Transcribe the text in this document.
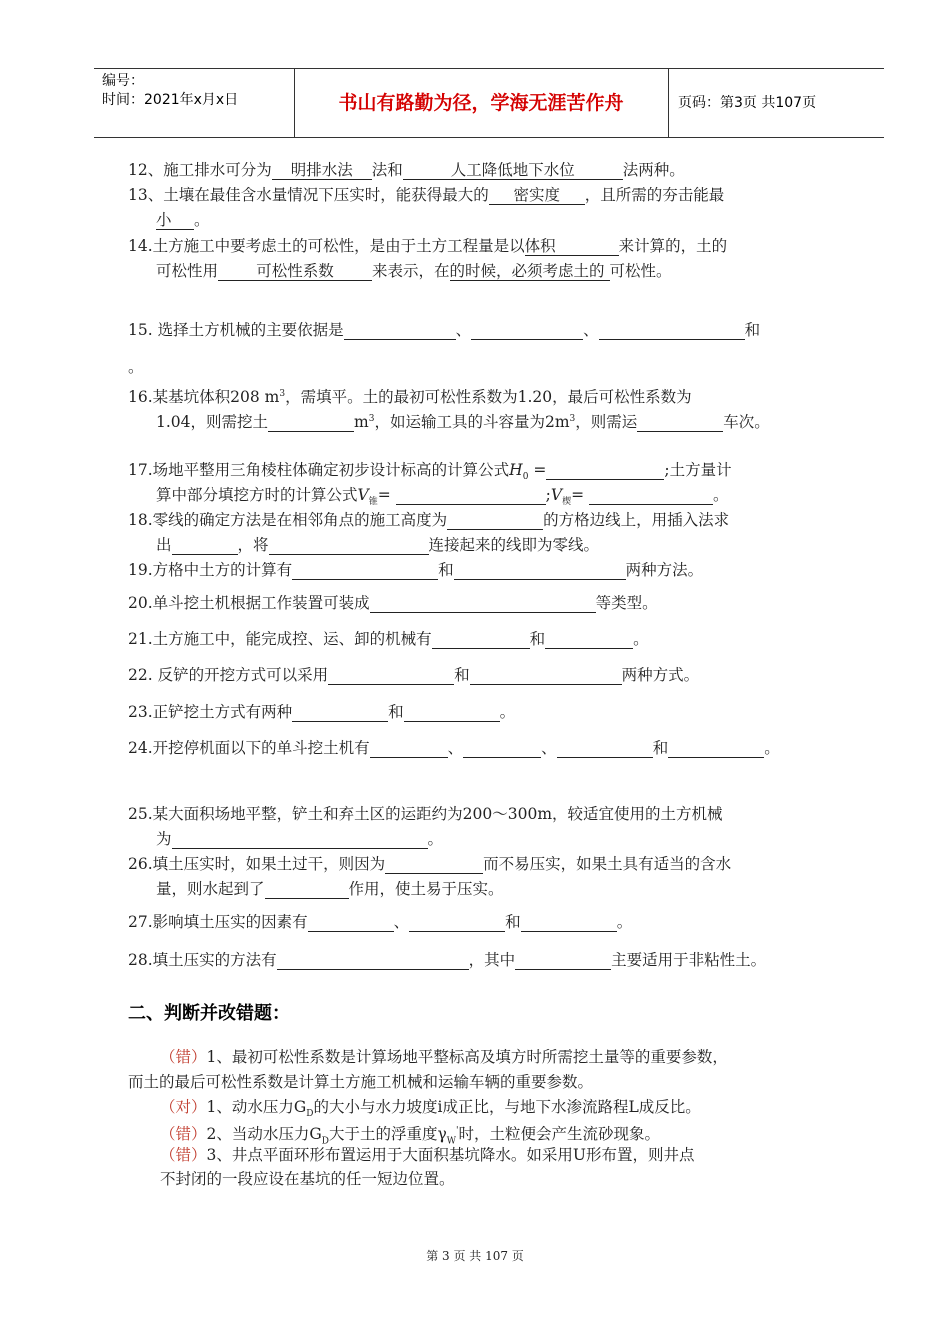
编号：
时间：2021年x月x日	书山有路勤为径，学海无涯苦作舟	页码：第3页 共107页
12、施工排水可分为 明排水法 法和	人工降低地下水位	法两种。
13、土壤在最佳含水量情况下压实时，能获得最大的 密实度 ，且所需的夯击能最
小 。
14.土方施工中要考虑土的可松性，是由于土方工程量是以体积	来计算的，土的
可松性用 可松性系数 来表示，在的时候，必须考虑土的 可松性。
15. 选择土方机械的主要依据是	、	、	和
。
16.某基坑体积208 $m^3$，需填平。土的最初可松性系数为1.20，最后可松性系数为
1.04，则需挖土	$m^3$，如运输工具的斗容量为$2m^3$，则需运	车次。
17.场地平整用三角棱柱体确定初步设计标高的计算公式$H_0$ =	;土方量计
算中部分填挖方时的计算公式$V_锥=$	$;V_楔=$	。
18.零线的确定方法是在相邻角点的施工高度为	的方格边线上，用插入法求
出	，将	连接起来的线即为零线。
19.方格中土方的计算有	和	两种方法。
20.单斗挖土机根据工作装置可装成	等类型。
21.土方施工中，能完成控、运、卸的机械有	和	。
22. 反铲的开挖方式可以采用	和	两种方式。
23.正铲挖土方式有两种	和	。
24.开挖停机面以下的单斗挖土机有	、	、	和	。
25.某大面积场地平整，铲土和弃土区的运距约为200～300m，较适宜使用的土方机械
为	。
26.填土压实时，如果土过干，则因为	而不易压实，如果土具有适当的含水
量，则水起到了	作用，使土易于压实。
27.影响填土压实的因素有	、	和	。
28.填土压实的方法有	，其中	主要适用于非粘性土。
二、判断并改错题：
（错）1、最初可松性系数是计算场地平整标高及填方时所需挖土量等的重要参数，
而土的最后可松性系数是计算土方施工机械和运输车辆的重要参数。
（对）1、动水压力$G_D$的大小与水力坡度i成正比，与地下水渗流路程L成反比。
（错）2、当动水压力$G_D$大于土的浮重度$\gamma_W'$时，土粒便会产生流砂现象。
（错）3、井点平面环形布置运用于大面积基坑降水。如采用U形布置，则井点
不封闭的一段应设在基坑的任一短边位置。
第 3 页 共 107 页
